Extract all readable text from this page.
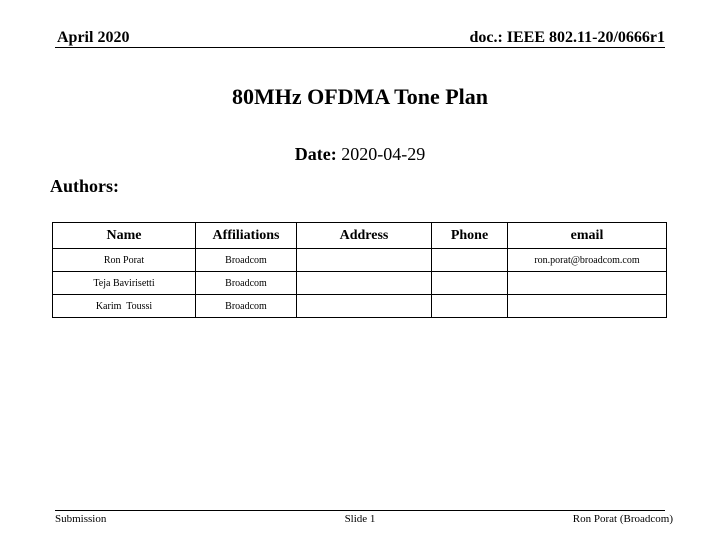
April 2020	doc.: IEEE 802.11-20/0666r1
80MHz OFDMA Tone Plan
Date: 2020-04-29
Authors:
Name	Affiliations	Address	Phone	email
Ron Porat	Broadcom			ron.porat@broadcom.com
Teja Bavirisetti	Broadcom			
Karim  Toussi	Broadcom			
Submission	Slide 1	Ron Porat (Broadcom)
